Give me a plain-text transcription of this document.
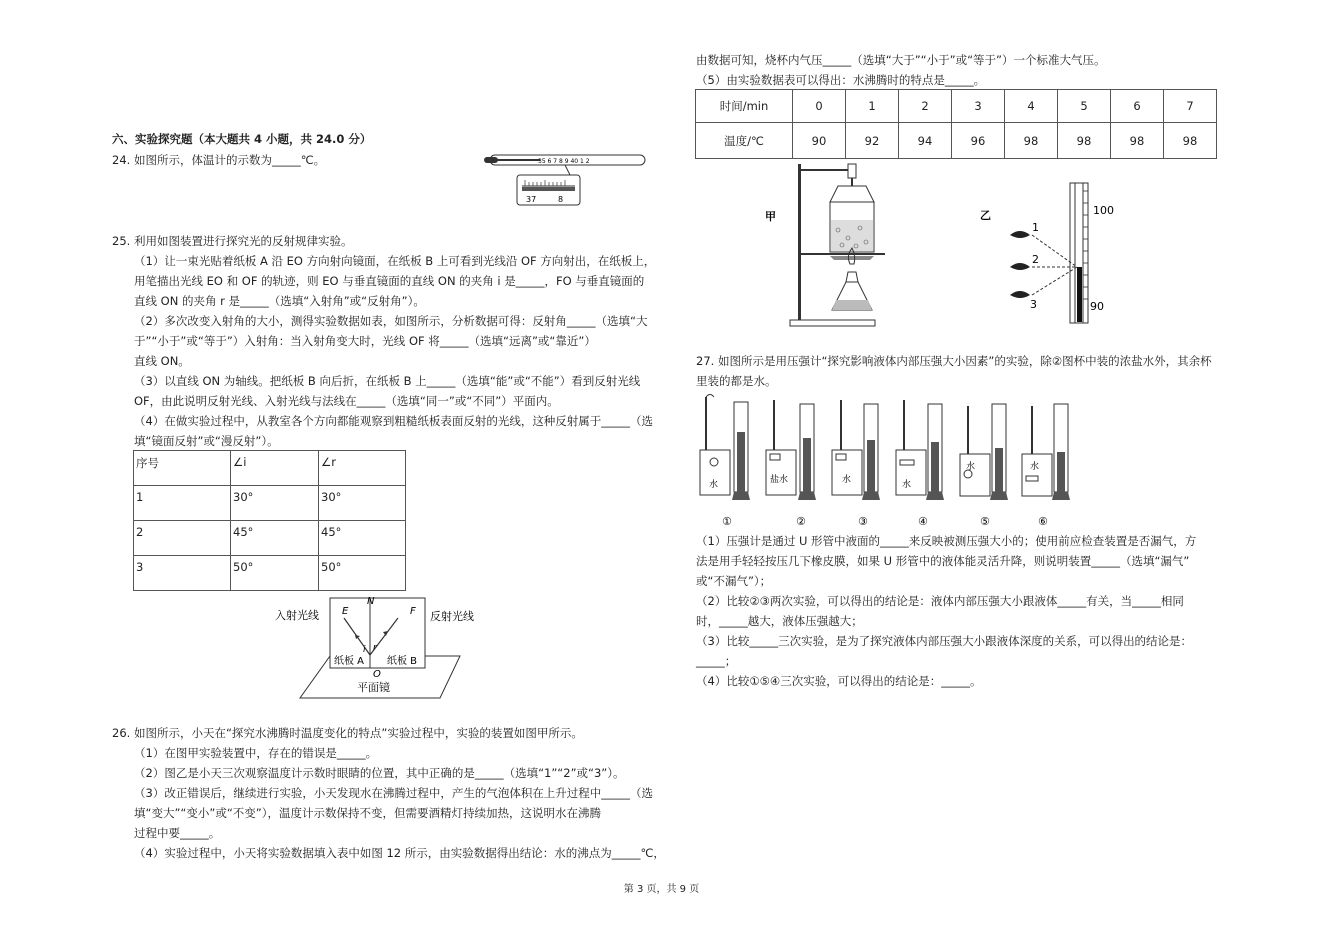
六、实验探究题（本大题共 4 小题，共 24.0 分）
24. 如图所示，体温计的示数为_____℃。	35 6 7 8 9 40 1 2
37	8
25. 利用如图装置进行探究光的反射规律实验。
（1）让一束光贴着纸板 A 沿 EO 方向射向镜面，在纸板 B 上可看到光线沿 OF 方向射出，在纸板上，
用笔描出光线 EO 和 OF 的轨迹，则 EO 与垂直镜面的直线 ON 的夹角 i 是_____，FO 与垂直镜面的
直线 ON 的夹角 r 是_____（选填“入射角”或“反射角”）。
（2）多次改变入射角的大小，测得实验数据如表，如图所示，分析数据可得：反射角_____（选填“大
于”“小于”或“等于”）入射角：当入射角变大时，光线 OF 将_____（选填“远离”或“靠近”）
直线 ON。
（3）以直线 ON 为轴线。把纸板 B 向后折，在纸板 B 上_____（选填“能”或“不能”）看到反射光线
OF，由此说明反射光线、入射光线与法线在_____（选填“同一”或“不同”）平面内。
（4）在做实验过程中，从教室各个方向都能观察到粗糙纸板表面反射的光线，这种反射属于_____（选
填“镜面反射”或“漫反射”）。
序号	∠i	∠r
1	30°	30°
2	45°	45°
3	50°	50°
入射光线	反射光线
E	F
N
i r
O
纸板 A 纸板 B
平面镜
26. 如图所示，小天在“探究水沸腾时温度变化的特点”实验过程中，实验的装置如图甲所示。
（1）在图甲实验装置中，存在的错误是_____。
（2）图乙是小天三次观察温度计示数时眼睛的位置，其中正确的是_____（选填“1”“2”或“3”）。
（3）改正错误后，继续进行实验，小天发现水在沸腾过程中，产生的气泡体积在上升过程中_____（选
填“变大”“变小”或“不变”），温度计示数保持不变，但需要酒精灯持续加热，这说明水在沸腾
过程中要_____。
（4）实验过程中，小天将实验数据填入表中如图 12 所示，由实验数据得出结论：水的沸点为_____℃，
由数据可知，烧杯内气压_____（选填“大于”“小于”或“等于”）一个标准大气压。
（5）由实验数据表可以得出：水沸腾时的特点是_____。
时间/min	0	1	2	3	4	5	6	7
温度/℃	90	92	94	96	98	98	98	98
甲	乙	100
90
1
2
3
27. 如图所示是用压强计“探究影响液体内部压强大小因素”的实验，除②图杯中装的浓盐水外，其余杯
里装的都是水。
水
①
盐水
②
水
③
水
④
水
⑤
水
⑥
（1）压强计是通过 U 形管中液面的_____来反映被测压强大小的；使用前应检查装置是否漏气，方
法是用手轻轻按压几下橡皮膜，如果 U 形管中的液体能灵活升降，则说明装置_____（选填“漏气”
或“不漏气”）；
（2）比较②③两次实验，可以得出的结论是：液体内部压强大小跟液体_____有关，当_____相同
时，_____越大，液体压强越大；
（3）比较_____三次实验，是为了探究液体内部压强大小跟液体深度的关系，可以得出的结论是：
_____；
（4）比较①⑤④三次实验，可以得出的结论是：_____。
第 3 页，共 9 页
